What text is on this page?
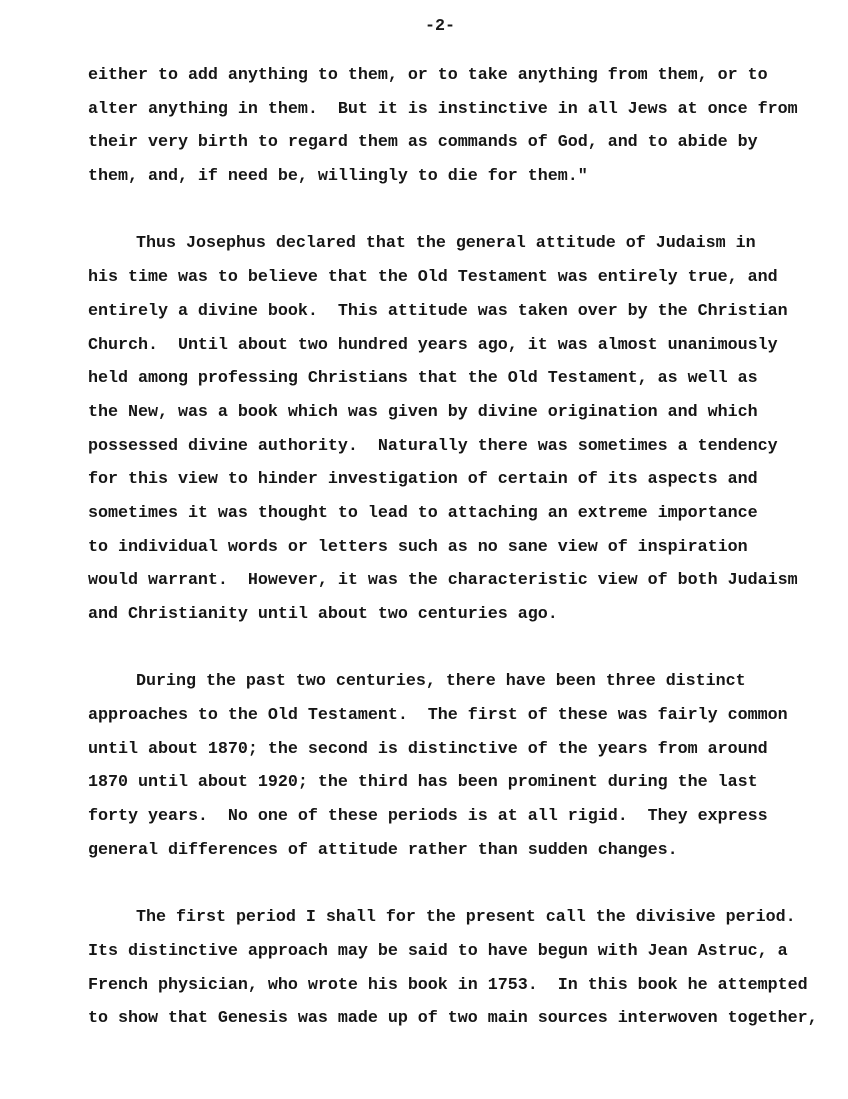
-2-
either to add anything to them, or to take anything from them, or to
alter anything in them.  But it is instinctive in all Jews at once from
their very birth to regard them as commands of God, and to abide by
them, and, if need be, willingly to die for them."
Thus Josephus declared that the general attitude of Judaism in
his time was to believe that the Old Testament was entirely true, and
entirely a divine book.  This attitude was taken over by the Christian
Church.  Until about two hundred years ago, it was almost unanimously
held among professing Christians that the Old Testament, as well as
the New, was a book which was given by divine origination and which
possessed divine authority.  Naturally there was sometimes a tendency
for this view to hinder investigation of certain of its aspects and
sometimes it was thought to lead to attaching an extreme importance
to individual words or letters such as no sane view of inspiration
would warrant.  However, it was the characteristic view of both Judaism
and Christianity until about two centuries ago.
During the past two centuries, there have been three distinct
approaches to the Old Testament.  The first of these was fairly common
until about 1870; the second is distinctive of the years from around
1870 until about 1920; the third has been prominent during the last
forty years.  No one of these periods is at all rigid.  They express
general differences of attitude rather than sudden changes.
The first period I shall for the present call the divisive period.
Its distinctive approach may be said to have begun with Jean Astruc, a
French physician, who wrote his book in 1753.  In this book he attempted
to show that Genesis was made up of two main sources interwoven together,
